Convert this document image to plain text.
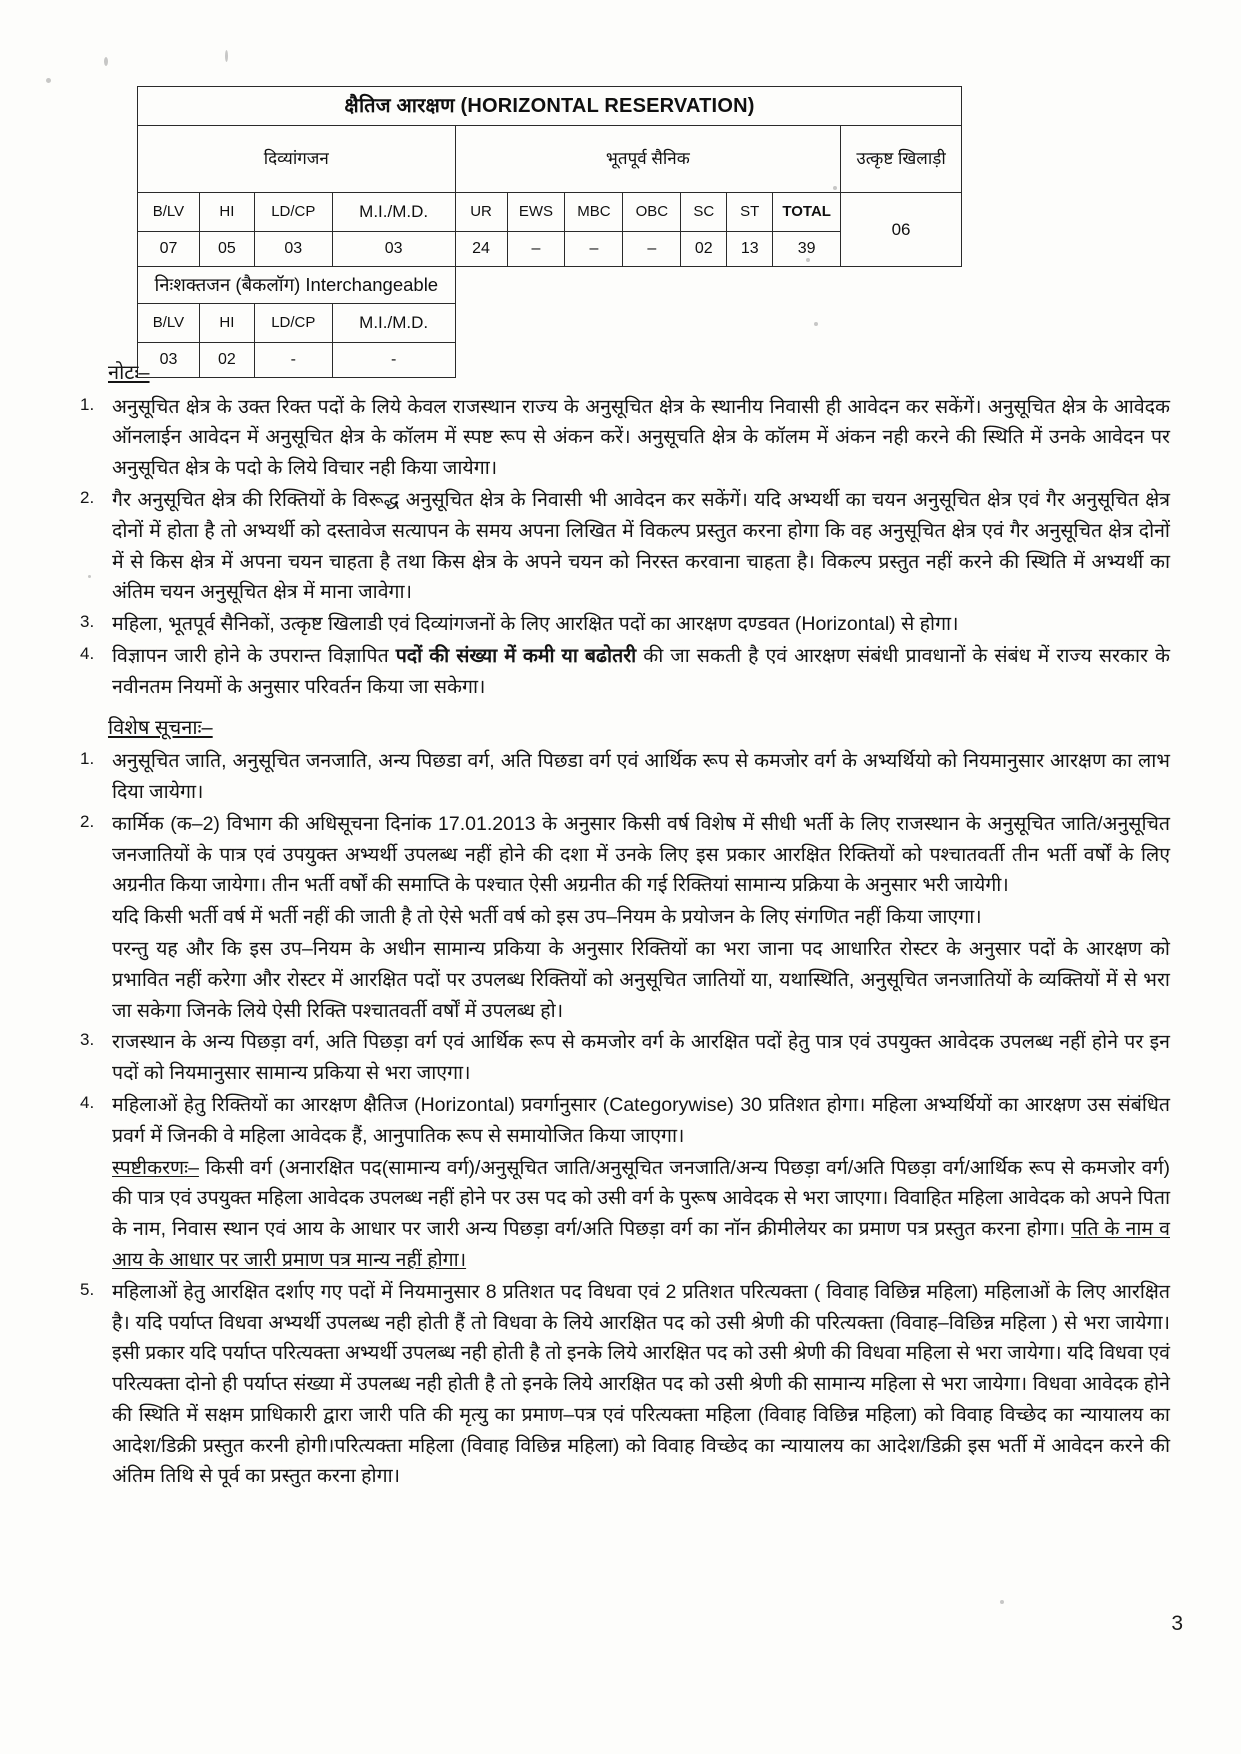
क्षैतिज आरक्षण (HORIZONTAL RESERVATION)											
दिव्यांगजन				भूतपूर्व सैनिक							उत्कृष्ट खिलाड़ी
B/LV	HI	LD/CP	M.I./M.D.	UR	EWS	MBC	OBC	SC	ST	TOTAL	06
07	05	03	03	24	–	–	–	02	13	39	
निःशक्तजन (बैकलॉग) Interchangeable											
B/LV	HI	LD/CP	M.I./M.D.								
03	02	-	-								
नोटः–
1. अनुसूचित क्षेत्र के उक्त रिक्त पदों के लिये केवल राजस्थान राज्य के अनुसूचित क्षेत्र के स्थानीय निवासी ही आवेदन कर सकेंगें। अनुसूचित क्षेत्र के आवेदक ऑनलाईन आवेदन में अनुसूचित क्षेत्र के कॉलम में स्पष्ट रूप से अंकन करें। अनुसूचति क्षेत्र के कॉलम में अंकन नही करने की स्थिति में उनके आवेदन पर अनुसूचित क्षेत्र के पदो के लिये विचार नही किया जायेगा।
2. गैर अनुसूचित क्षेत्र की रिक्तियों के विरूद्ध अनुसूचित क्षेत्र के निवासी भी आवेदन कर सकेंगें। यदि अभ्यर्थी का चयन अनुसूचित क्षेत्र एवं गैर अनुसूचित क्षेत्र दोनों में होता है तो अभ्यर्थी को दस्तावेज सत्यापन के समय अपना लिखित में विकल्प प्रस्तुत करना होगा कि वह अनुसूचित क्षेत्र एवं गैर अनुसूचित क्षेत्र दोनों में से किस क्षेत्र में अपना चयन चाहता है तथा किस क्षेत्र के अपने चयन को निरस्त करवाना चाहता है। विकल्प प्रस्तुत नहीं करने की स्थिति में अभ्यर्थी का अंतिम चयन अनुसूचित क्षेत्र में माना जावेगा।
3. महिला, भूतपूर्व सैनिकों, उत्कृष्ट खिलाडी एवं दिव्यांगजनों के लिए आरक्षित पदों का आरक्षण दण्डवत (Horizontal) से होगा।
4. विज्ञापन जारी होने के उपरान्त विज्ञापित पदों की संख्या में कमी या बढोतरी की जा सकती है एवं आरक्षण संबंधी प्रावधानों के संबंध में राज्य सरकार के नवीनतम नियमों के अनुसार परिवर्तन किया जा सकेगा।
विशेष सूचनाः–
1. अनुसूचित जाति, अनुसूचित जनजाति, अन्य पिछडा वर्ग, अति पिछडा वर्ग एवं आर्थिक रूप से कमजोर वर्ग के अभ्यर्थियो को नियमानुसार आरक्षण का लाभ दिया जायेगा।
2. कार्मिक (क–2) विभाग की अधिसूचना दिनांक 17.01.2013 के अनुसार किसी वर्ष विशेष में सीधी भर्ती के लिए राजस्थान के अनुसूचित जाति/अनुसूचित जनजातियों के पात्र एवं उपयुक्त अभ्यर्थी उपलब्ध नहीं होने की दशा में उनके लिए इस प्रकार आरक्षित रिक्तियों को पश्चातवर्ती तीन भर्ती वर्षों के लिए अग्रनीत किया जायेगा। तीन भर्ती वर्षों की समाप्ति के पश्चात ऐसी अग्रनीत की गई रिक्तियां सामान्य प्रक्रिया के अनुसार भरी जायेगी।
यदि किसी भर्ती वर्ष में भर्ती नहीं की जाती है तो ऐसे भर्ती वर्ष को इस उप–नियम के प्रयोजन के लिए संगणित नहीं किया जाएगा।
परन्तु यह और कि इस उप–नियम के अधीन सामान्य प्रकिया के अनुसार रिक्तियों का भरा जाना पद आधारित रोस्टर के अनुसार पदों के आरक्षण को प्रभावित नहीं करेगा और रोस्टर में आरक्षित पदों पर उपलब्ध रिक्तियों को अनुसूचित जातियों या, यथास्थिति, अनुसूचित जनजातियों के व्यक्तियों में से भरा जा सकेगा जिनके लिये ऐसी रिक्ति पश्चातवर्ती वर्षों में उपलब्ध हो।
3. राजस्थान के अन्य पिछड़ा वर्ग, अति पिछड़ा वर्ग एवं आर्थिक रूप से कमजोर वर्ग के आरक्षित पदों हेतु पात्र एवं उपयुक्त आवेदक उपलब्ध नहीं होने पर इन पदों को नियमानुसार सामान्य प्रकिया से भरा जाएगा।
4. महिलाओं हेतु रिक्तियों का आरक्षण क्षैतिज (Horizontal) प्रवर्गानुसार (Categorywise) 30 प्रतिशत होगा। महिला अभ्यर्थियों का आरक्षण उस संबंधित प्रवर्ग में जिनकी वे महिला आवेदक हैं, आनुपातिक रूप से समायोजित किया जाएगा।
स्पष्टीकरणः– किसी वर्ग (अनारक्षित पद(सामान्य वर्ग)/अनुसूचित जाति/अनुसूचित जनजाति/अन्य पिछड़ा वर्ग/अति पिछड़ा वर्ग/आर्थिक रूप से कमजोर वर्ग) की पात्र एवं उपयुक्त महिला आवेदक उपलब्ध नहीं होने पर उस पद को उसी वर्ग के पुरूष आवेदक से भरा जाएगा। विवाहित महिला आवेदक को अपने पिता के नाम, निवास स्थान एवं आय के आधार पर जारी अन्य पिछड़ा वर्ग/अति पिछड़ा वर्ग का नॉन क्रीमीलेयर का प्रमाण पत्र प्रस्तुत करना होगा। पति के नाम व आय के आधार पर जारी प्रमाण पत्र मान्य नहीं होगा।
5. महिलाओं हेतु आरक्षित दर्शाए गए पदों में नियमानुसार 8 प्रतिशत पद विधवा एवं 2 प्रतिशत परित्यक्ता ( विवाह विछिन्न महिला) महिलाओं के लिए आरक्षित है। यदि पर्याप्त विधवा अभ्यर्थी उपलब्ध नही होती हैं तो विधवा के लिये आरक्षित पद को उसी श्रेणी की परित्यक्ता (विवाह–विछिन्न महिला ) से भरा जायेगा। इसी प्रकार यदि पर्याप्त परित्यक्ता अभ्यर्थी उपलब्ध नही होती है तो इनके लिये आरक्षित पद को उसी श्रेणी की विधवा महिला से भरा जायेगा। यदि विधवा एवं परित्यक्ता दोनो ही पर्याप्त संख्या में उपलब्ध नही होती है तो इनके लिये आरक्षित पद को उसी श्रेणी की सामान्य महिला से भरा जायेगा। विधवा आवेदक होने की स्थिति में सक्षम प्राधिकारी द्वारा जारी पति की मृत्यु का प्रमाण–पत्र एवं परित्यक्ता महिला (विवाह विछिन्न महिला) को विवाह विच्छेद का न्यायालय का आदेश/डिक्री प्रस्तुत करनी होगी।परित्यक्ता महिला (विवाह विछिन्न महिला) को विवाह विच्छेद का न्यायालय का आदेश/डिक्री इस भर्ती में आवेदन करने की अंतिम तिथि से पूर्व का प्रस्तुत करना होगा।
3
